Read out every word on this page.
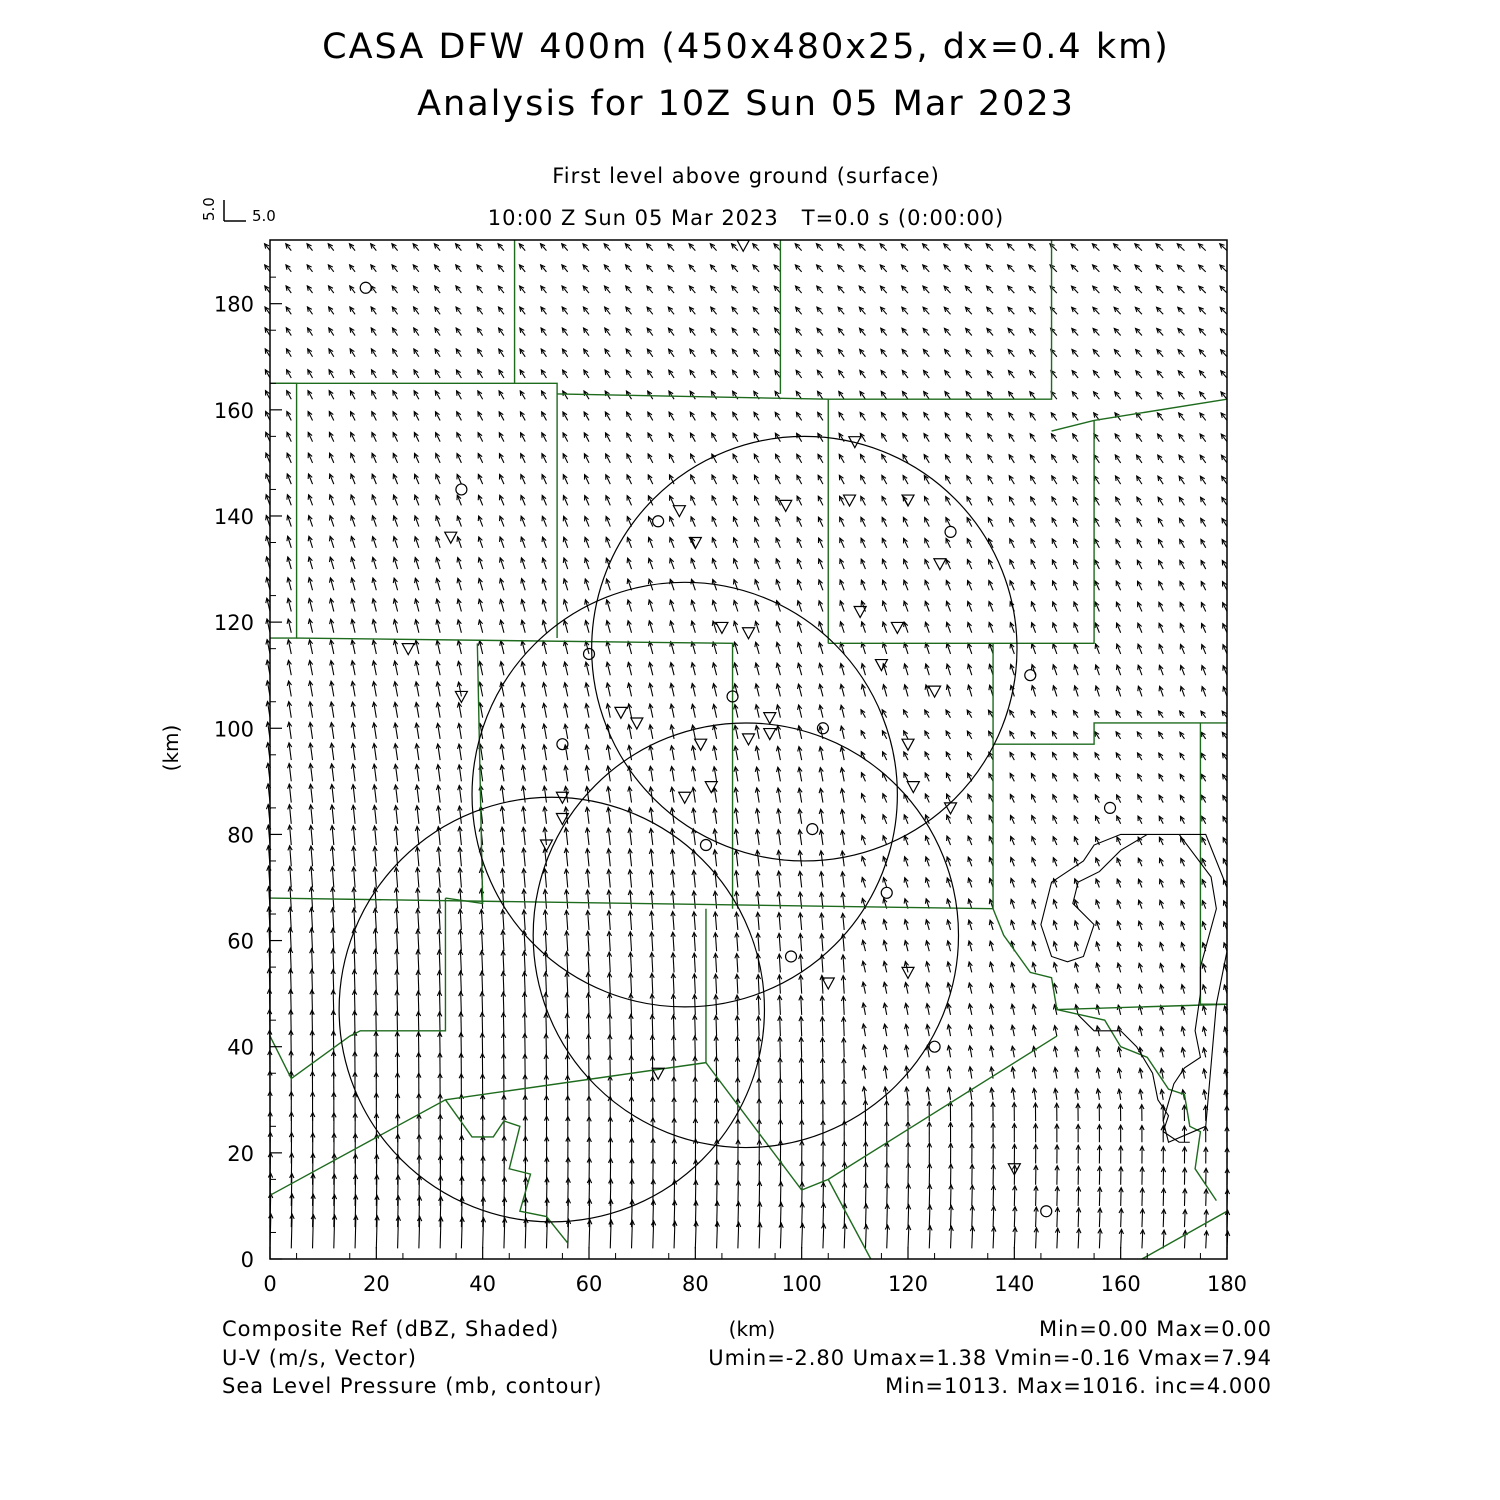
CASA DFW 400m (450x480x25, dx=0.4 km)
Analysis for 10Z Sun 05 Mar 2023
First level above ground (surface)
10:00 Z Sun 05 Mar 2023   T=0.0 s (0:00:00)
5.0 5.0
0	20	40	60	80	100	120	140	160	180
0
20
40
60
80
100
120
140
160
180
(km)
(km)
Composite Ref (dBZ, Shaded)	Min=0.00 Max=0.00
U-V (m/s, Vector)	Umin=-2.80 Umax=1.38 Vmin=-0.16 Vmax=7.94
Sea Level Pressure (mb, contour)	Min=1013. Max=1016. inc=4.000
